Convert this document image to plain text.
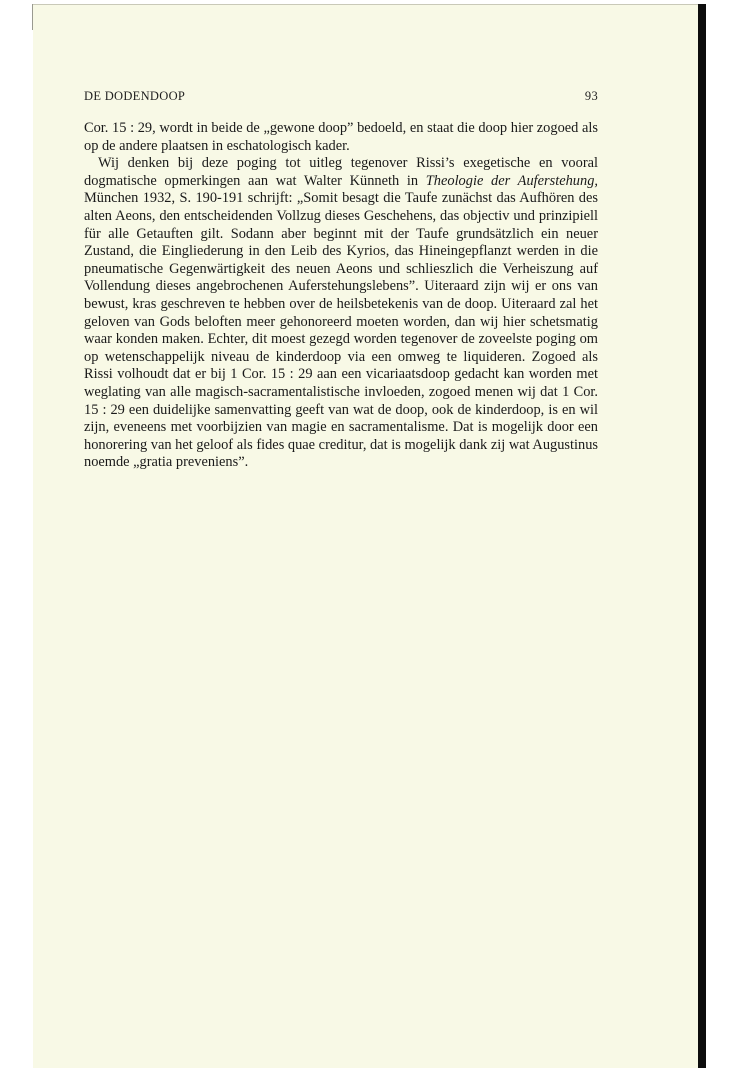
DE DODENDOOP	93

Cor. 15 : 29, wordt in beide de „gewone doop” bedoeld, en staat die doop hier zogoed als op de andere plaatsen in eschatologisch kader.

Wij denken bij deze poging tot uitleg tegenover Rissi’s exegetische en vooral dogmatische opmerkingen aan wat Walter Künneth in Theologie der Auferstehung, München 1932, S. 190-191 schrijft: „Somit besagt die Taufe zunächst das Aufhören des alten Aeons, den entscheidenden Vollzug dieses Geschehens, das objectiv und prinzipiell für alle Getauften gilt. Sodann aber beginnt mit der Taufe grundsätzlich ein neuer Zustand, die Eingliederung in den Leib des Kyrios, das Hineingepflanzt werden in die pneumatische Gegenwärtigkeit des neuen Aeons und schlieszlich die Verheiszung auf Vollendung dieses angebrochenen Auferstehungslebens”. Uiteraard zijn wij er ons van bewust, kras geschreven te hebben over de heilsbetekenis van de doop. Uiteraard zal het geloven van Gods beloften meer gehonoreerd moeten worden, dan wij hier schetsmatig waar konden maken. Echter, dit moest gezegd worden tegenover de zoveelste poging om op wetenschappelijk niveau de kinderdoop via een omweg te liquideren. Zogoed als Rissi volhoudt dat er bij 1 Cor. 15 : 29 aan een vicariaatsdoop gedacht kan worden met weglating van alle magisch-sacramentalistische invloeden, zogoed menen wij dat 1 Cor. 15 : 29 een duidelijke samenvatting geeft van wat de doop, ook de kinderdoop, is en wil zijn, eveneens met voorbijzien van magie en sacramentalisme. Dat is mogelijk door een honorering van het geloof als fides quae creditur, dat is mogelijk dank zij wat Augustinus noemde „gratia preveniens”.
